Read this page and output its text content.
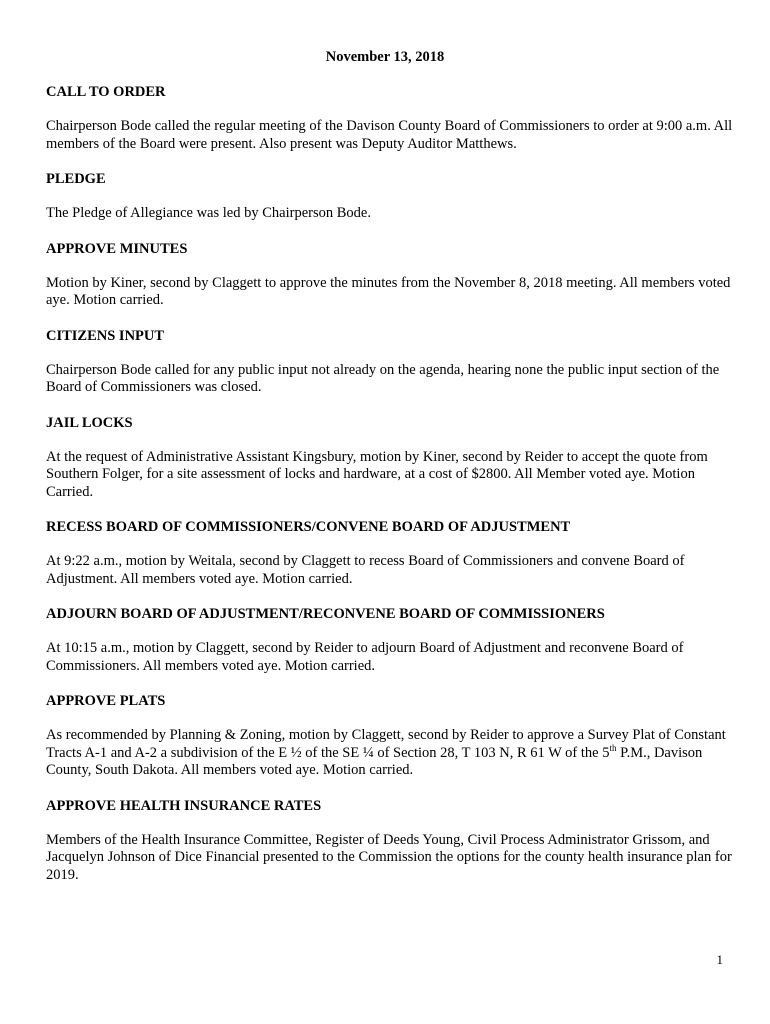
November 13, 2018
CALL TO ORDER
Chairperson Bode called the regular meeting of the Davison County Board of Commissioners to order at 9:00 a.m. All members of the Board were present. Also present was Deputy Auditor Matthews.
PLEDGE
The Pledge of Allegiance was led by Chairperson Bode.
APPROVE MINUTES
Motion by Kiner, second by Claggett to approve the minutes from the November 8, 2018 meeting. All members voted aye. Motion carried.
CITIZENS INPUT
Chairperson Bode called for any public input not already on the agenda, hearing none the public input section of the Board of Commissioners was closed.
JAIL LOCKS
At the request of Administrative Assistant Kingsbury, motion by Kiner, second by Reider to accept the quote from Southern Folger, for a site assessment of locks and hardware, at a cost of $2800. All Member voted aye. Motion Carried.
RECESS BOARD OF COMMISSIONERS/CONVENE BOARD OF ADJUSTMENT
At 9:22 a.m., motion by Weitala, second by Claggett to recess Board of Commissioners and convene Board of Adjustment. All members voted aye. Motion carried.
ADJOURN BOARD OF ADJUSTMENT/RECONVENE BOARD OF COMMISSIONERS
At 10:15 a.m., motion by Claggett, second by Reider to adjourn Board of Adjustment and reconvene Board of Commissioners. All members voted aye. Motion carried.
APPROVE PLATS
As recommended by Planning & Zoning, motion by Claggett, second by Reider to approve a Survey Plat of Constant Tracts A-1 and A-2 a subdivision of the E ½ of the SE ¼ of Section 28, T 103 N, R 61 W of the 5th P.M., Davison County, South Dakota. All members voted aye. Motion carried.
APPROVE HEALTH INSURANCE RATES
Members of the Health Insurance Committee, Register of Deeds Young, Civil Process Administrator Grissom, and Jacquelyn Johnson of Dice Financial presented to the Commission the options for the county health insurance plan for 2019.
1
